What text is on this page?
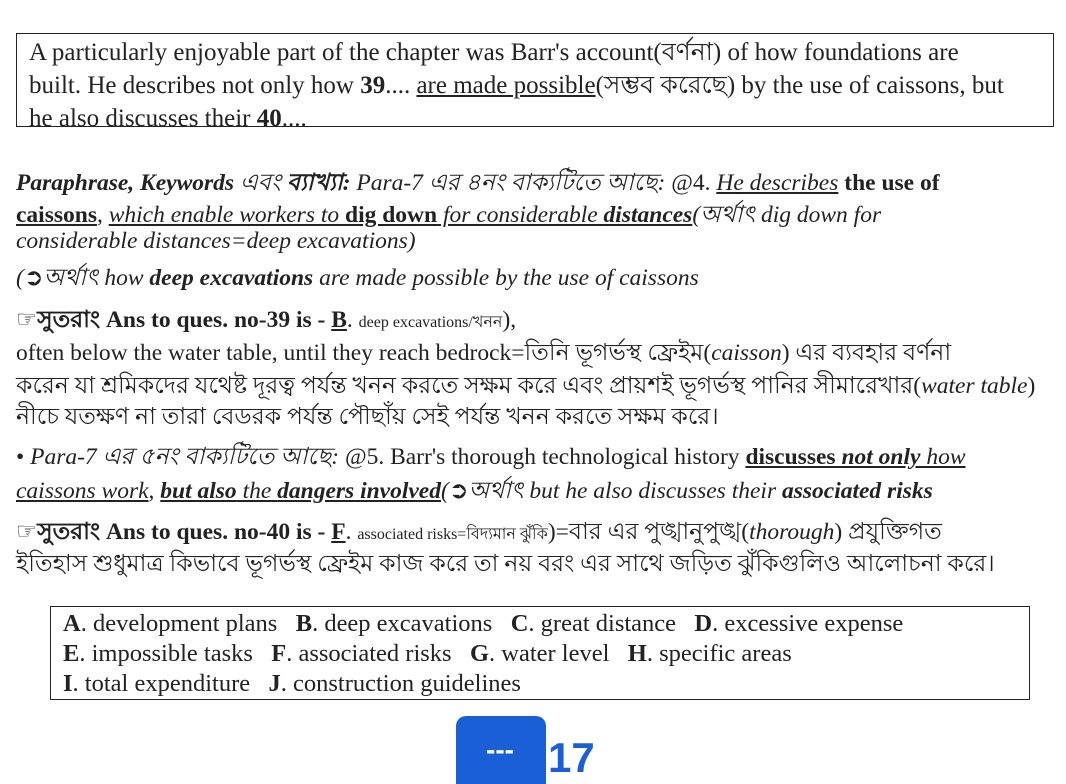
A particularly enjoyable part of the chapter was Barr's account(বর্ণনা) of how foundations are
built. He describes not only how 39.... are made possible(সম্ভব করেছে) by the use of caissons, but
he also discusses their 40....
Paraphrase, Keywords এবং ব্যাখ্যা: Para-7 এর ৪নং বাক্যটিতে আছে: @4. He describes the use of
caissons, which enable workers to dig down for considerable distances(অর্থাৎ dig down for
considerable distances=deep excavations)
(➲অর্থাৎ how deep excavations are made possible by the use of caissons
☞সুতরাং Ans to ques. no-39 is - B. deep excavations/খনন),
often below the water table, until they reach bedrock=তিনি ভূগর্ভস্থ ফ্রেইম(caisson) এর ব্যবহার বর্ণনা
করেন যা শ্রমিকদের যথেষ্ট দূরত্ব পর্যন্ত খনন করতে সক্ষম করে এবং প্রায়শই ভূগর্ভস্থ পানির সীমারেখার(water table)
নীচে যতক্ষণ না তারা বেডরক পর্যন্ত পৌছাঁয় সেই পর্যন্ত খনন করতে সক্ষম করে।
• Para-7 এর ৫নং বাক্যটিতে আছে: @5. Barr's thorough technological history discusses not only how
caissons work, but also the dangers involved(➲অর্থাৎ but he also discusses their associated risks
☞সুতরাং Ans to ques. no-40 is - F. associated risks=বিদ্যমান ঝুঁকি)=বার এর পুঙ্খানুপুঙ্খ(thorough) প্রযুক্তিগত
ইতিহাস শুধুমাত্র কিভাবে ভূগর্ভস্থ ফ্রেইম কাজ করে তা নয় বরং এর সাথে জড়িত ঝুঁকিগুলিও আলোচনা করে।
A. development plans B. deep excavations C. great distance D. excessive expense
E. impossible tasks F. associated risks G. water level H. specific areas
I. total expenditure J. construction guidelines
--- 17
